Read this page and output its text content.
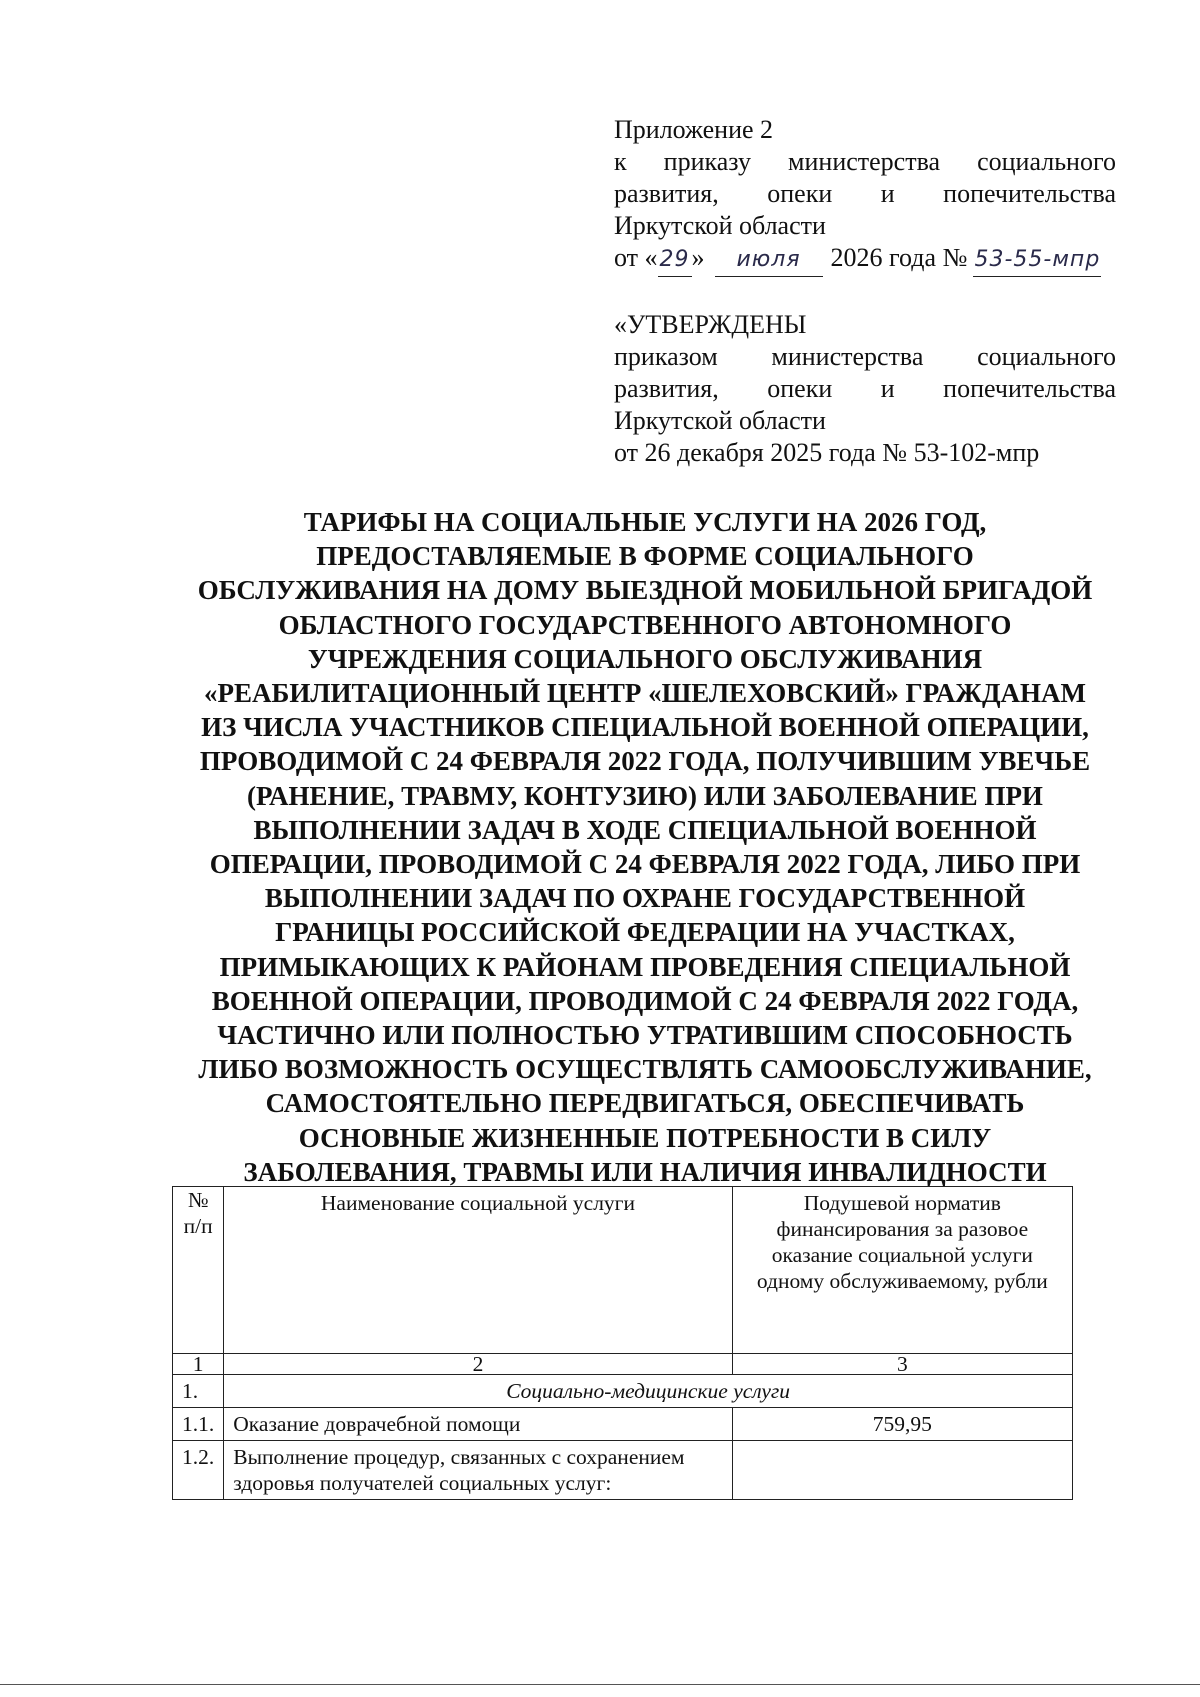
Приложение 2

к приказу министерства социального

развития, опеки и попечительства

Иркутской области

от «29» июля 2026 года № 53-55-мпр

«УТВЕРЖДЕНЫ

приказом министерства социального

развития, опеки и попечительства

Иркутской области

от 26 декабря 2025 года № 53-102-мпр

ТАРИФЫ НА СОЦИАЛЬНЫЕ УСЛУГИ НА 2026 ГОД,
ПРЕДОСТАВЛЯЕМЫЕ В ФОРМЕ СОЦИАЛЬНОГО
ОБСЛУЖИВАНИЯ НА ДОМУ ВЫЕЗДНОЙ МОБИЛЬНОЙ БРИГАДОЙ
ОБЛАСТНОГО ГОСУДАРСТВЕННОГО АВТОНОМНОГО
УЧРЕЖДЕНИЯ СОЦИАЛЬНОГО ОБСЛУЖИВАНИЯ
«РЕАБИЛИТАЦИОННЫЙ ЦЕНТР «ШЕЛЕХОВСКИЙ» ГРАЖДАНАМ
ИЗ ЧИСЛА УЧАСТНИКОВ СПЕЦИАЛЬНОЙ ВОЕННОЙ ОПЕРАЦИИ,
ПРОВОДИМОЙ С 24 ФЕВРАЛЯ 2022 ГОДА, ПОЛУЧИВШИМ УВЕЧЬЕ
(РАНЕНИЕ, ТРАВМУ, КОНТУЗИЮ) ИЛИ ЗАБОЛЕВАНИЕ ПРИ
ВЫПОЛНЕНИИ ЗАДАЧ В ХОДЕ СПЕЦИАЛЬНОЙ ВОЕННОЙ
ОПЕРАЦИИ, ПРОВОДИМОЙ С 24 ФЕВРАЛЯ 2022 ГОДА, ЛИБО ПРИ
ВЫПОЛНЕНИИ ЗАДАЧ ПО ОХРАНЕ ГОСУДАРСТВЕННОЙ
ГРАНИЦЫ РОССИЙСКОЙ ФЕДЕРАЦИИ НА УЧАСТКАХ,
ПРИМЫКАЮЩИХ К РАЙОНАМ ПРОВЕДЕНИЯ СПЕЦИАЛЬНОЙ
ВОЕННОЙ ОПЕРАЦИИ, ПРОВОДИМОЙ С 24 ФЕВРАЛЯ 2022 ГОДА,
ЧАСТИЧНО ИЛИ ПОЛНОСТЬЮ УТРАТИВШИМ СПОСОБНОСТЬ
ЛИБО ВОЗМОЖНОСТЬ ОСУЩЕСТВЛЯТЬ САМООБСЛУЖИВАНИЕ,
САМОСТОЯТЕЛЬНО ПЕРЕДВИГАТЬСЯ, ОБЕСПЕЧИВАТЬ
ОСНОВНЫЕ ЖИЗНЕННЫЕ ПОТРЕБНОСТИ В СИЛУ
ЗАБОЛЕВАНИЯ, ТРАВМЫ ИЛИ НАЛИЧИЯ ИНВАЛИДНОСТИ
№ п/п	Наименование социальной услуги	Подушевой норматив финансирования за разовое оказание социальной услуги одному обслуживаемому, рубли
1	2	3
1.	Социально-медицинские услуги	
1.1.	Оказание доврачебной помощи	759,95
1.2.	Выполнение процедур, связанных с сохранением здоровья получателей социальных услуг:	
